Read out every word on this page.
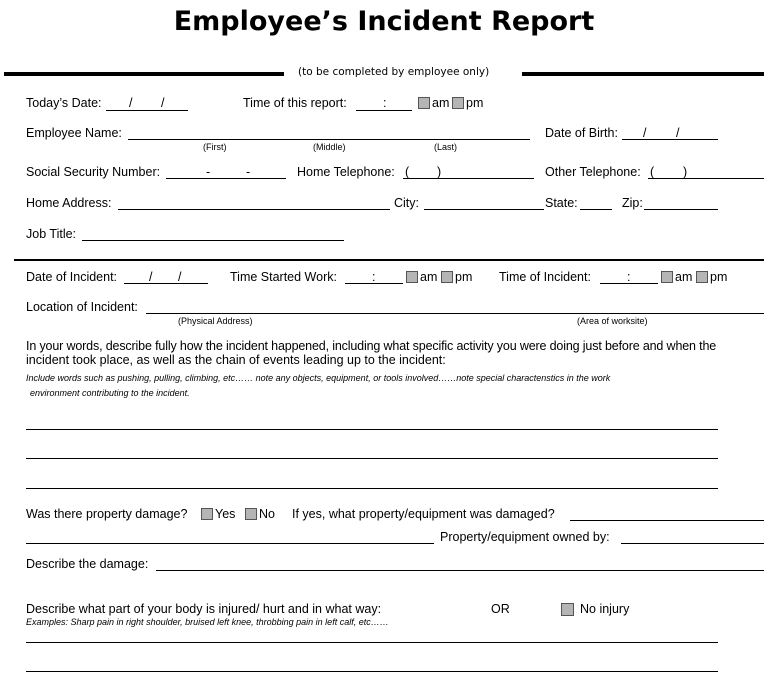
Employee’s Incident Report
(to be completed by employee only)
Today’s Date: / /	Time of this report:	:	am pm
Employee Name:
(First)	(Middle)	(Last)
Date of Birth: / /
Social Security Number:	-	-	Home Telephone: ( )	Other Telephone: ( )
Home Address:	City:	State:	Zip:
Job Title:
Date of Incident:	/ /	Time Started Work:	:	am pm Time of Incident:	:	am pm
Location of Incident:
(Physical Address)	(Area of worksite)
In your words, describe fully how the incident happened, including what specific activity you were doing just before and when the
incident took place, as well as the chain of events leading up to the incident:
Include words such as pushing, pulling, climbing, etc…… note any objects, equipment, or tools involved……note special charactenstics in the work
environment contributing to the incident.
Was there property damage? Yes No If yes, what property/equipment was damaged?
Property/equipment owned by:
Describe the damage:
Describe what part of your body is injured/ hurt and in what way:	OR	No injury
Examples: Sharp pain in right shoulder, bruised left knee, throbbing pain in left calf, etc……
